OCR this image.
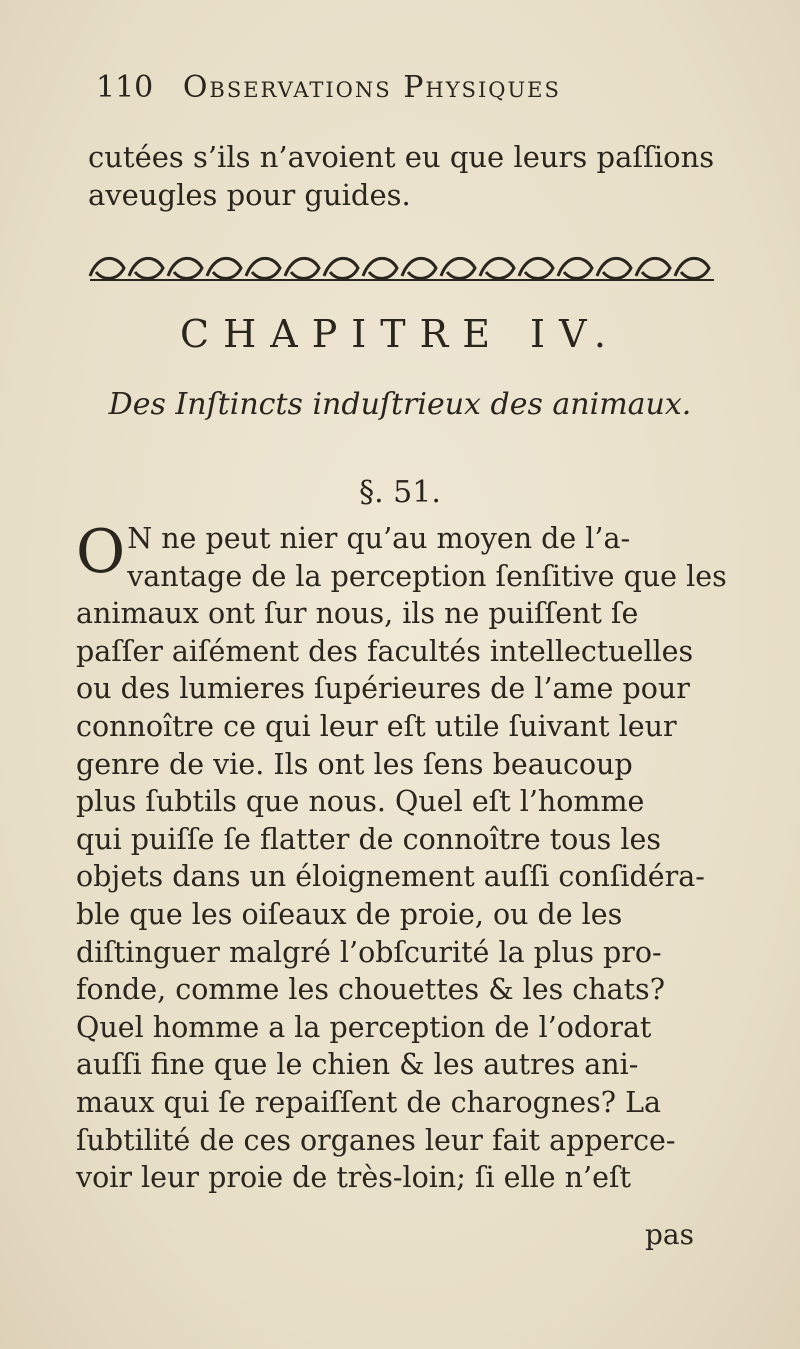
110 Observations Physiques
cutées s’ils n’avoient eu que leurs paſſions
aveugles pour guides.
CHAPITRE IV.
Des Inſtincts induſtrieux des animaux.
§. 51.
O N ne peut nier qu’au moyen de l’a-
vantage de la perception ſenſitive que les
animaux ont ſur nous, ils ne puiſſent ſe
paſſer aiſément des facultés intellectuelles
ou des lumieres ſupérieures de l’ame pour
connoître ce qui leur eſt utile ſuivant leur
genre de vie. Ils ont les ſens beaucoup
plus ſubtils que nous. Quel eſt l’homme
qui puiſſe ſe flatter de connoître tous les
objets dans un éloignement auſſi conſidéra-
ble que les oiſeaux de proie, ou de les
diſtinguer malgré l’obſcurité la plus pro-
fonde, comme les chouettes & les chats?
Quel homme a la perception de l’odorat
auſſi fine que le chien & les autres ani-
maux qui ſe repaiſſent de charognes? La
ſubtilité de ces organes leur fait apperce-
voir leur proie de très-loin; ſi elle n’eſt
pas
